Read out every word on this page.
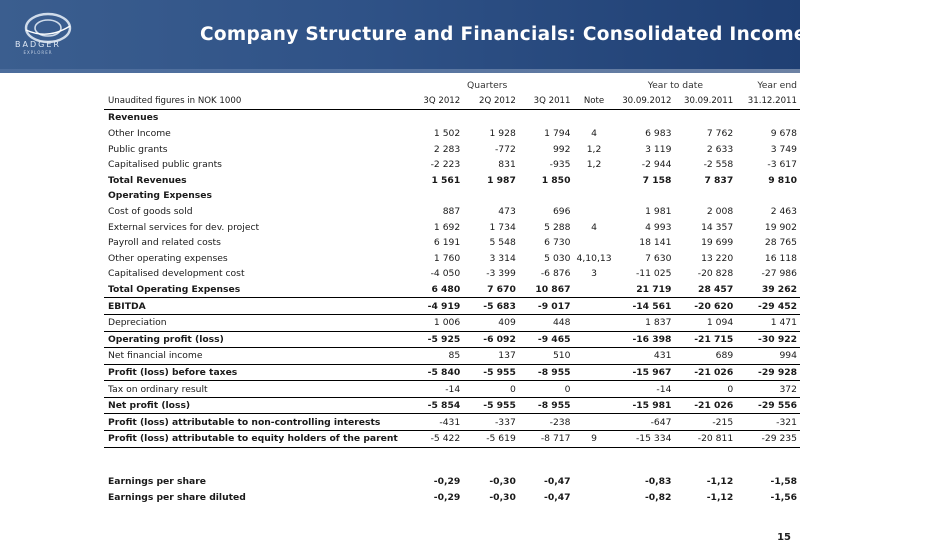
BADGER
EXPLORER
Company Structure and Financials: Consolidated Income Statement
	Quarters				Year to date		Year end
Unaudited figures in NOK 1000	3Q 2012	2Q 2012	3Q 2011	Note	30.09.2012	30.09.2011	31.12.2011
Revenues							
Other Income	1 502	1 928	1 794	4	6 983	7 762	9 678
Public grants	2 283	-772	992	1,2	3 119	2 633	3 749
Capitalised public grants	-2 223	831	-935	1,2	-2 944	-2 558	-3 617
Total Revenues	1 561	1 987	1 850		7 158	7 837	9 810
Operating Expenses							
Cost of goods sold	887	473	696		1 981	2 008	2 463
External services for dev. project	1 692	1 734	5 288	4	4 993	14 357	19 902
Payroll and related costs	6 191	5 548	6 730		18 141	19 699	28 765
Other operating expenses	1 760	3 314	5 030	4,10,13	7 630	13 220	16 118
Capitalised development cost	-4 050	-3 399	-6 876	3	-11 025	-20 828	-27 986
Total Operating Expenses	6 480	7 670	10 867		21 719	28 457	39 262
EBITDA	-4 919	-5 683	-9 017		-14 561	-20 620	-29 452
Depreciation	1 006	409	448		1 837	1 094	1 471
Operating profit (loss)	-5 925	-6 092	-9 465		-16 398	-21 715	-30 922
Net financial income	85	137	510		431	689	994
Profit (loss) before taxes	-5 840	-5 955	-8 955		-15 967	-21 026	-29 928
Tax on ordinary result	-14	0	0		-14	0	372
Net profit (loss)	-5 854	-5 955	-8 955		-15 981	-21 026	-29 556
Profit (loss) attributable to non-controlling interests	-431	-337	-238		-647	-215	-321
Profit (loss) attributable to equity holders of the parent	-5 422	-5 619	-8 717	9	-15 334	-20 811	-29 235

Earnings per share	-0,29	-0,30	-0,47		-0,83	-1,12	-1,58
Earnings per share diluted	-0,29	-0,30	-0,47		-0,82	-1,12	-1,56
15
